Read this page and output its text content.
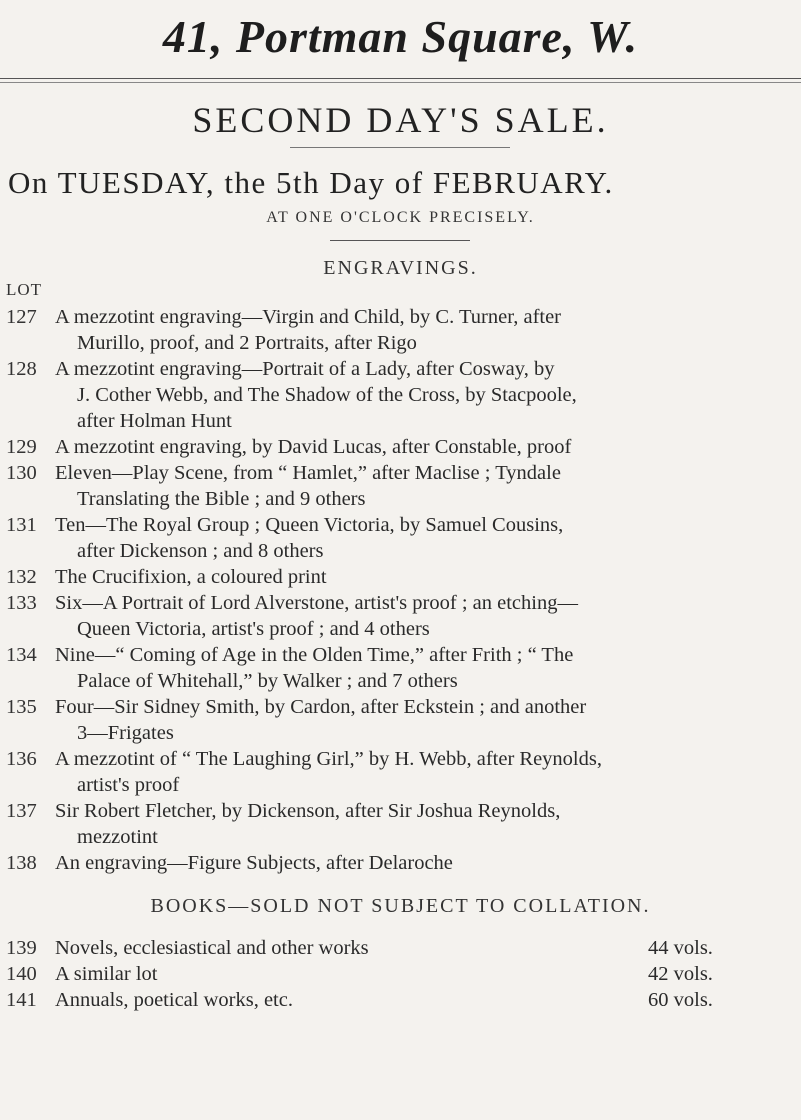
41, Portman Square, W.
SECOND DAY'S SALE.
On TUESDAY, the 5th Day of FEBRUARY.
AT ONE O'CLOCK PRECISELY.
ENGRAVINGS.
LOT
127 A mezzotint engraving—Virgin and Child, by C. Turner, after
Murillo, proof, and 2 Portraits, after Rigo
128 A mezzotint engraving—Portrait of a Lady, after Cosway, by
J. Cother Webb, and The Shadow of the Cross, by Stacpoole,
after Holman Hunt
129 A mezzotint engraving, by David Lucas, after Constable, proof
130 Eleven—Play Scene, from “ Hamlet,” after Maclise ; Tyndale
Translating the Bible ; and 9 others
131 Ten—The Royal Group ; Queen Victoria, by Samuel Cousins,
after Dickenson ; and 8 others
132 The Crucifixion, a coloured print
133 Six—A Portrait of Lord Alverstone, artist's proof ; an etching—
Queen Victoria, artist's proof ; and 4 others
134 Nine—“ Coming of Age in the Olden Time,” after Frith ; “ The
Palace of Whitehall,” by Walker ; and 7 others
135 Four—Sir Sidney Smith, by Cardon, after Eckstein ; and another
3—Frigates
136 A mezzotint of “ The Laughing Girl,” by H. Webb, after Reynolds,
artist's proof
137 Sir Robert Fletcher, by Dickenson, after Sir Joshua Reynolds,
mezzotint
138 An engraving—Figure Subjects, after Delaroche
BOOKS—SOLD NOT SUBJECT TO COLLATION.
139 Novels, ecclesiastical and other works	44 vols.
140 A similar lot	42 vols.
141 Annuals, poetical works, etc.	60 vols.
